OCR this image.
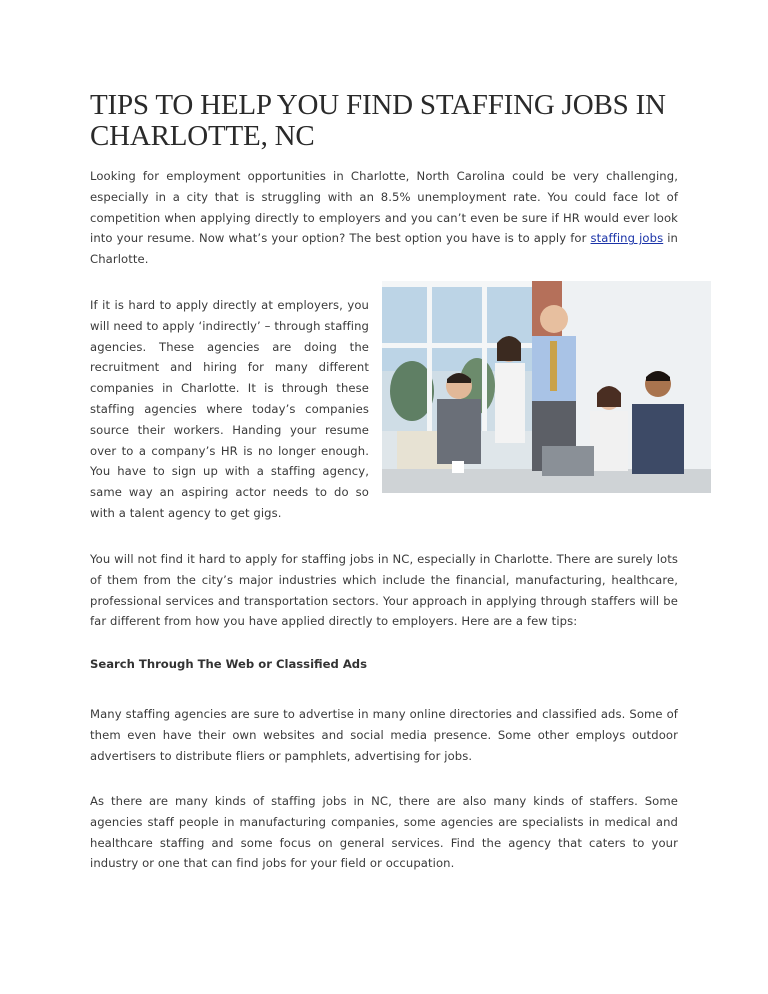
TIPS TO HELP YOU FIND STAFFING JOBS IN CHARLOTTE, NC

Looking for employment opportunities in Charlotte, North Carolina could be very challenging, especially in a city that is struggling with an 8.5% unemployment rate. You could face lot of competition when applying directly to employers and you can’t even be sure if HR would ever look into your resume. Now what’s your option? The best option you have is to apply for staffing jobs in Charlotte.

If it is hard to apply directly at employers, you will need to apply ‘indirectly’ – through staffing agencies. These agencies are doing the recruitment and hiring for many different companies in Charlotte. It is through these staffing agencies where today’s companies source their workers. Handing your resume over to a company’s HR is no longer enough. You have to sign up with a staffing agency, same way an aspiring actor needs to do so with a talent agency to get gigs.

You will not find it hard to apply for staffing jobs in NC, especially in Charlotte. There are surely lots of them from the city’s major industries which include the financial, manufacturing, healthcare, professional services and transportation sectors. Your approach in applying through staffers will be far different from how you have applied directly to employers. Here are a few tips:

Search Through The Web or Classified Ads

Many staffing agencies are sure to advertise in many online directories and classified ads. Some of them even have their own websites and social media presence. Some other employs outdoor advertisers to distribute fliers or pamphlets, advertising for jobs.

As there are many kinds of staffing jobs in NC, there are also many kinds of staffers. Some agencies staff people in manufacturing companies, some agencies are specialists in medical and healthcare staffing and some focus on general services. Find the agency that caters to your industry or one that can find jobs for your field or occupation.
